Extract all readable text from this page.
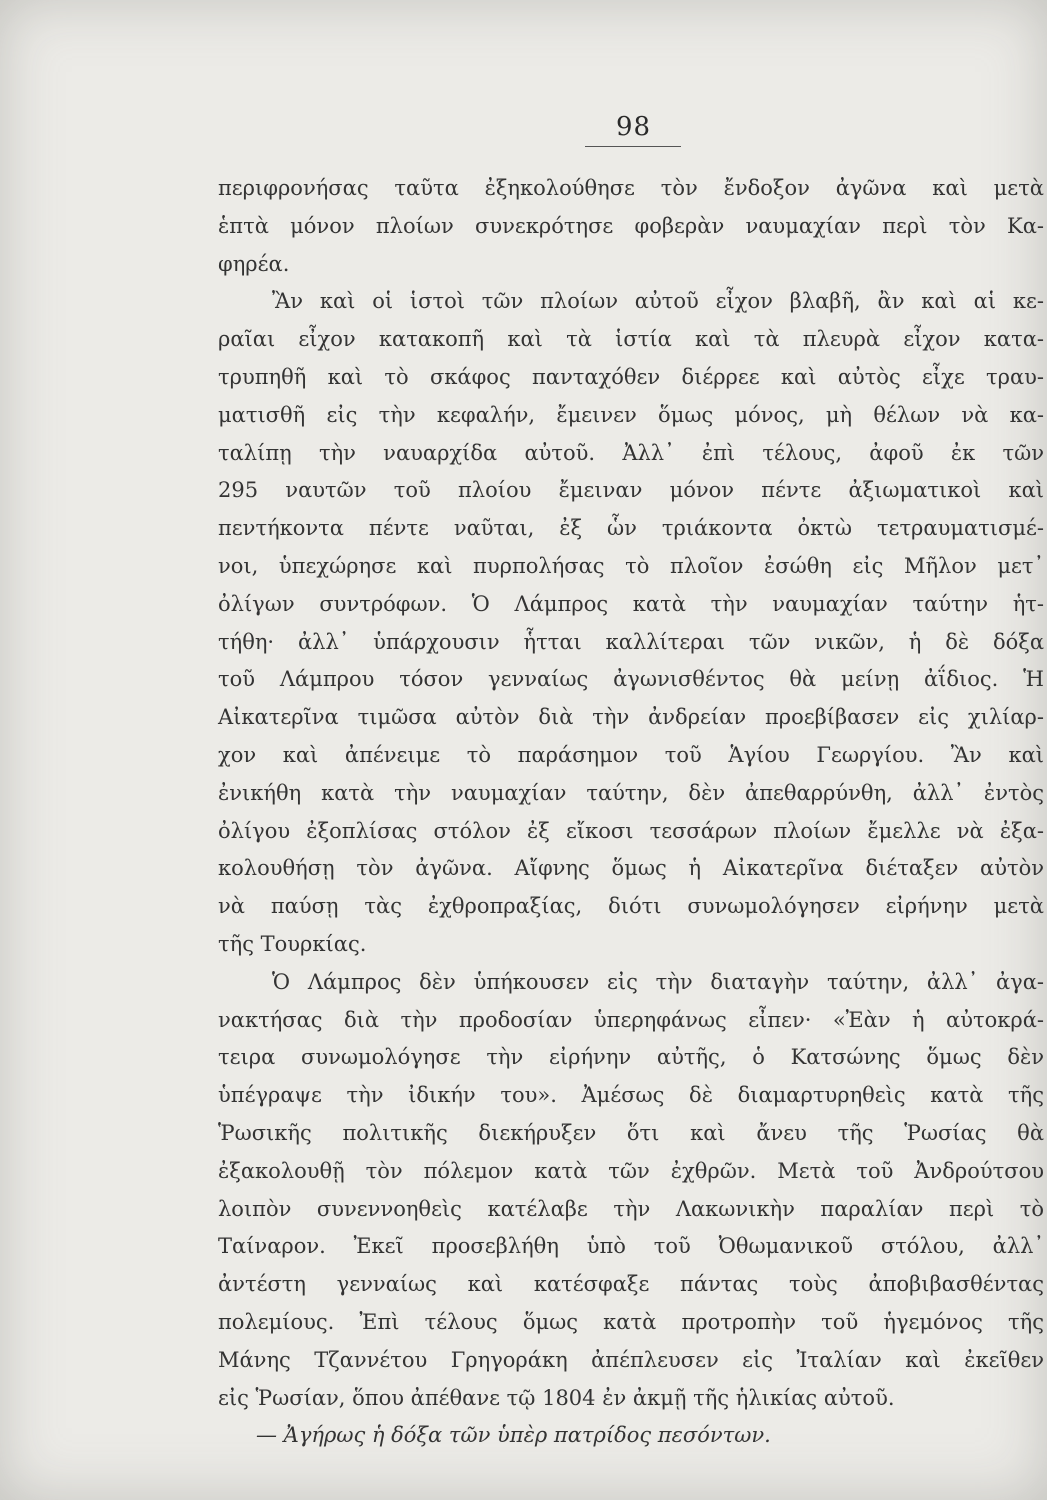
98
περιφρονήσας ταῦτα ἐξηκολούθησε τὸν ἔνδοξον ἀγῶνα καὶ μετὰ
ἑπτὰ μόνον πλοίων συνεκρότησε φοβερὰν ναυμαχίαν περὶ τὸν Κα-
φηρέα.
Ἂν καὶ οἱ ἱστοὶ τῶν πλοίων αὐτοῦ εἶχον βλαβῆ, ἂν καὶ αἱ κε-
ραῖαι εἶχον κατακοπῆ καὶ τὰ ἱστία καὶ τὰ πλευρὰ εἶχον κατα-
τρυπηθῆ καὶ τὸ σκάφος πανταχόθεν διέρρεε καὶ αὐτὸς εἶχε τραυ-
ματισθῆ εἰς τὴν κεφαλήν, ἔμεινεν ὅμως μόνος, μὴ θέλων νὰ κα-
ταλίπῃ τὴν ναυαρχίδα αὐτοῦ. Ἀλλ᾽ ἐπὶ τέλους, ἀφοῦ ἐκ τῶν
295 ναυτῶν τοῦ πλοίου ἔμειναν μόνον πέντε ἀξιωματικοὶ καὶ
πεντήκοντα πέντε ναῦται, ἐξ ὧν τριάκοντα ὀκτὼ τετραυματισμέ-
νοι, ὑπεχώρησε καὶ πυρπολήσας τὸ πλοῖον ἐσώθη εἰς Μῆλον μετ᾽
ὀλίγων συντρόφων. Ὁ Λάμπρος κατὰ τὴν ναυμαχίαν ταύτην ἡτ-
τήθη· ἀλλ᾽ ὑπάρχουσιν ἧτται καλλίτεραι τῶν νικῶν, ἡ δὲ δόξα
τοῦ Λάμπρου τόσον γενναίως ἀγωνισθέντος θὰ μείνῃ ἀΐδιος. Ἡ
Αἰκατερῖνα τιμῶσα αὐτὸν διὰ τὴν ἀνδρείαν προεβίβασεν εἰς χιλίαρ-
χον καὶ ἀπένειμε τὸ παράσημον τοῦ Ἁγίου Γεωργίου. Ἂν καὶ
ἐνικήθη κατὰ τὴν ναυμαχίαν ταύτην, δὲν ἀπεθαρρύνθη, ἀλλ᾽ ἐντὸς
ὀλίγου ἐξοπλίσας στόλον ἐξ εἴκοσι τεσσάρων πλοίων ἔμελλε νὰ ἐξα-
κολουθήσῃ τὸν ἀγῶνα. Αἴφνης ὅμως ἡ Αἰκατερῖνα διέταξεν αὐτὸν
νὰ παύσῃ τὰς ἐχθροπραξίας, διότι συνωμολόγησεν εἰρήνην μετὰ
τῆς Τουρκίας.
Ὁ Λάμπρος δὲν ὑπήκουσεν εἰς τὴν διαταγὴν ταύτην, ἀλλ᾽ ἀγα-
νακτήσας διὰ τὴν προδοσίαν ὑπερηφάνως εἶπεν· «Ἐὰν ἡ αὐτοκρά-
τειρα συνωμολόγησε τὴν εἰρήνην αὐτῆς, ὁ Κατσώνης ὅμως δὲν
ὑπέγραψε τὴν ἰδικήν του». Ἀμέσως δὲ διαμαρτυρηθεὶς κατὰ τῆς
Ῥωσικῆς πολιτικῆς διεκήρυξεν ὅτι καὶ ἄνευ τῆς Ῥωσίας θὰ
ἐξακολουθῇ τὸν πόλεμον κατὰ τῶν ἐχθρῶν. Μετὰ τοῦ Ἀνδρούτσου
λοιπὸν συνεννοηθεὶς κατέλαβε τὴν Λακωνικὴν παραλίαν περὶ τὸ
Ταίναρον. Ἐκεῖ προσεβλήθη ὑπὸ τοῦ Ὀθωμανικοῦ στόλου, ἀλλ᾽
ἀντέστη γενναίως καὶ κατέσφαξε πάντας τοὺς ἀποβιβασθέντας
πολεμίους. Ἐπὶ τέλους ὅμως κατὰ προτροπὴν τοῦ ἡγεμόνος τῆς
Μάνης Τζαννέτου Γρηγοράκη ἀπέπλευσεν εἰς Ἰταλίαν καὶ ἐκεῖθεν
εἰς Ῥωσίαν, ὅπου ἀπέθανε τῷ 1804 ἐν ἀκμῇ τῆς ἡλικίας αὐτοῦ.
— Ἀγήρως ἡ δόξα τῶν ὑπὲρ πατρίδος πεσόντων.
